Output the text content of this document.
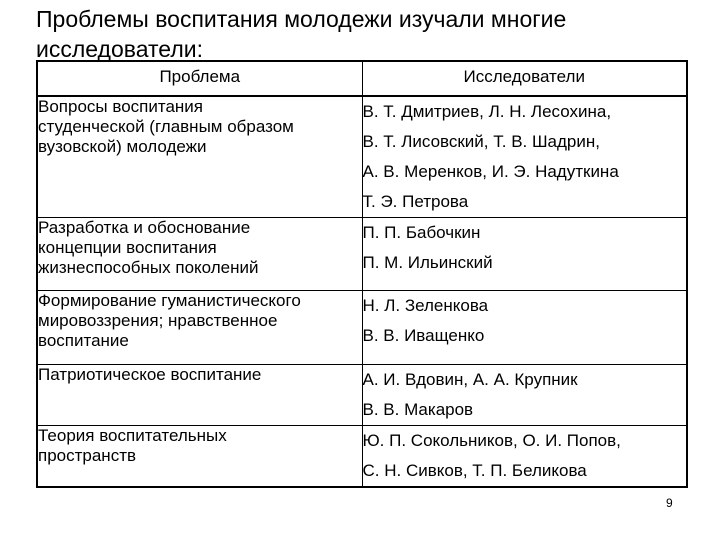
Проблемы воспитания молодежи изучали многие
исследователи:
Проблема	Исследователи

Вопросы воспитания
студенческой (главным образом
вузовской) молодежи	В. Т. Дмитриев, Л. Н. Лесохина,
В. Т. Лисовский, Т. В. Шадрин,
А. В. Меренков, И. Э. Надуткина
Т. Э. Петрова

Разработка и обоснование
концепции воспитания
жизнеспособных поколений	П. П. Бабочкин
П. М. Ильинский

Формирование гуманистического
мировоззрения; нравственное
воспитание	Н. Л. Зеленкова
В. В. Иващенко

Патриотическое воспитание	А. И. Вдовин, А. А. Крупник
В. В. Макаров

Теория воспитательных
пространств	Ю. П. Сокольников, О. И. Попов,
С. Н. Сивков, Т. П. Беликова
9
